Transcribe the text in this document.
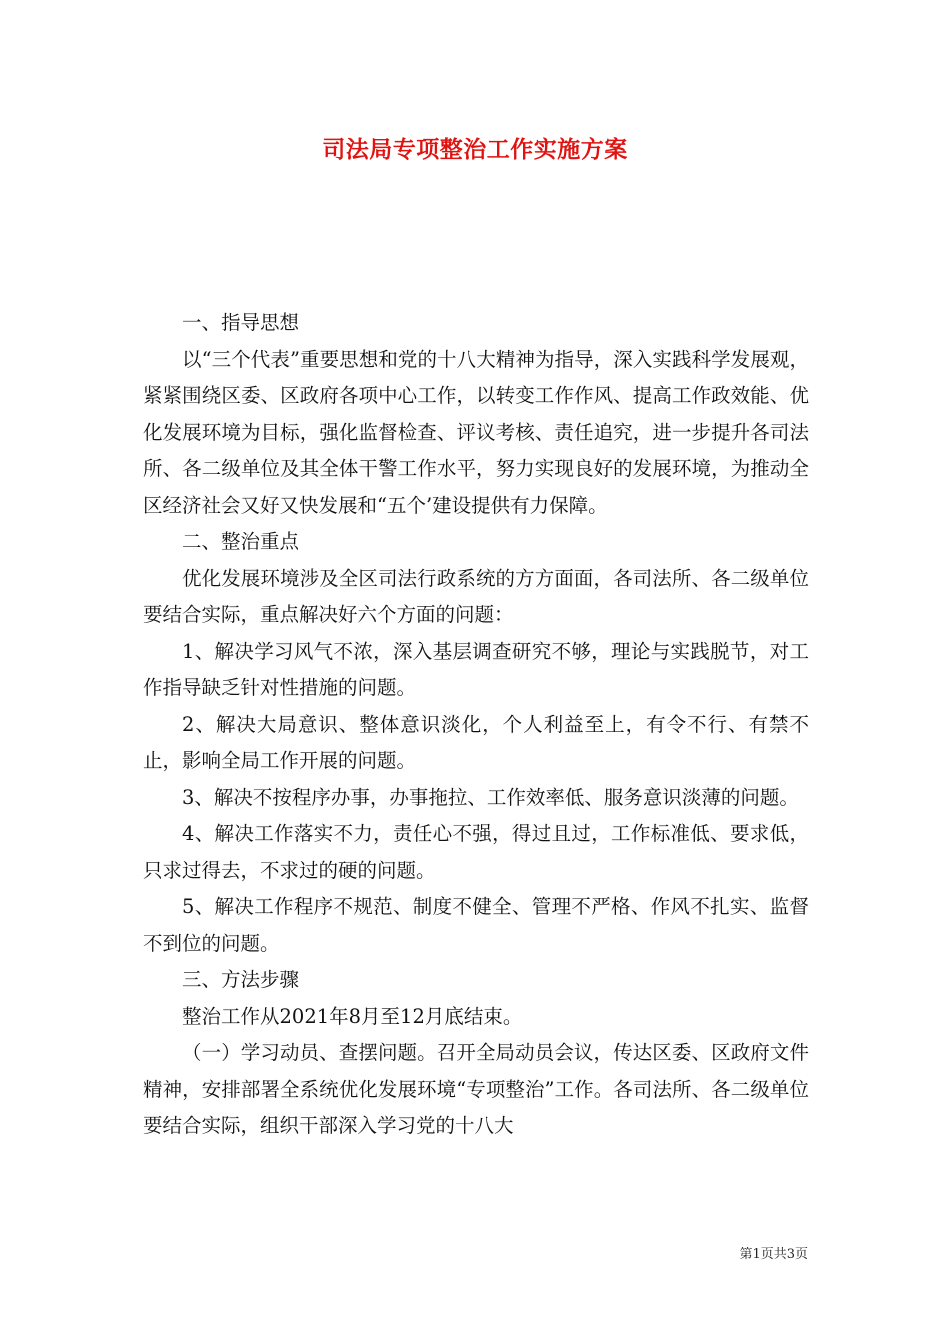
司法局专项整治工作实施方案

一、指导思想

以“三个代表”重要思想和党的十八大精神为指导，深入实践科学发展观，紧紧围绕区委、区政府各项中心工作，以转变工作作风、提高工作政效能、优化发展环境为目标，强化监督检查、评议考核、责任追究，进一步提升各司法所、各二级单位及其全体干警工作水平，努力实现良好的发展环境，为推动全区经济社会又好又快发展和“五个’建设提供有力保障。

二、整治重点

优化发展环境涉及全区司法行政系统的方方面面，各司法所、各二级单位要结合实际，重点解决好六个方面的问题：

1、解决学习风气不浓，深入基层调查研究不够，理论与实践脱节，对工作指导缺乏针对性措施的问题。

2、解决大局意识、整体意识淡化，个人利益至上，有令不行、有禁不止，影响全局工作开展的问题。

3、解决不按程序办事，办事拖拉、工作效率低、服务意识淡薄的问题。

4、解决工作落实不力，责任心不强，得过且过，工作标准低、要求低，只求过得去，不求过的硬的问题。

5、解决工作程序不规范、制度不健全、管理不严格、作风不扎实、监督不到位的问题。

三、方法步骤

整治工作从2021年8月至12月底结束。

（一）学习动员、查摆问题。召开全局动员会议，传达区委、区政府文件精神，安排部署全系统优化发展环境“专项整治”工作。各司法所、各二级单位要结合实际，组织干部深入学习党的十八大

第1页共3页
